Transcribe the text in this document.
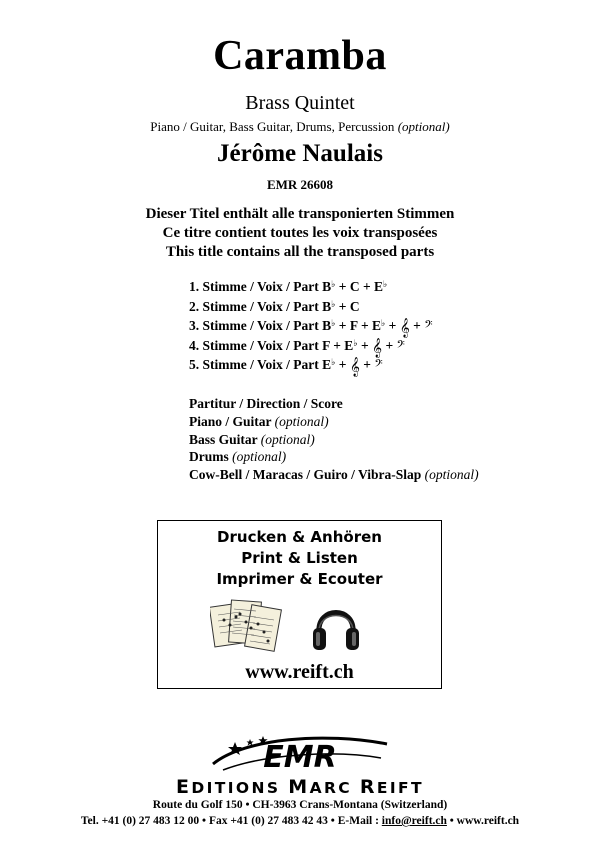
Caramba
Brass Quintet
Piano / Guitar, Bass Guitar, Drums, Percussion (optional)
Jérôme Naulais
EMR 26608
Dieser Titel enthält alle transponierten Stimmen
Ce titre contient toutes les voix transposées
This title contains all the transposed parts
1. Stimme / Voix / Part B♭ + C + E♭
2. Stimme / Voix / Part B♭ + C
3. Stimme / Voix / Part B♭ + F + E♭ + 𝄞 + 𝄢
4. Stimme / Voix / Part F + E♭ + 𝄞 + 𝄢
5. Stimme / Voix / Part E♭ + 𝄞 + 𝄢
Partitur / Direction / Score
Piano / Guitar (optional)
Bass Guitar (optional)
Drums (optional)
Cow-Bell / Maracas / Guiro / Vibra-Slap (optional)
Drucken & Anhören
Print & Listen
Imprimer & Ecouter
www.reift.ch
EMR
EDITIONS MARC REIFT
Route du Golf 150 • CH-3963 Crans-Montana (Switzerland)
Tel. +41 (0) 27 483 12 00 • Fax +41 (0) 27 483 42 43 • E-Mail : info@reift.ch • www.reift.ch
